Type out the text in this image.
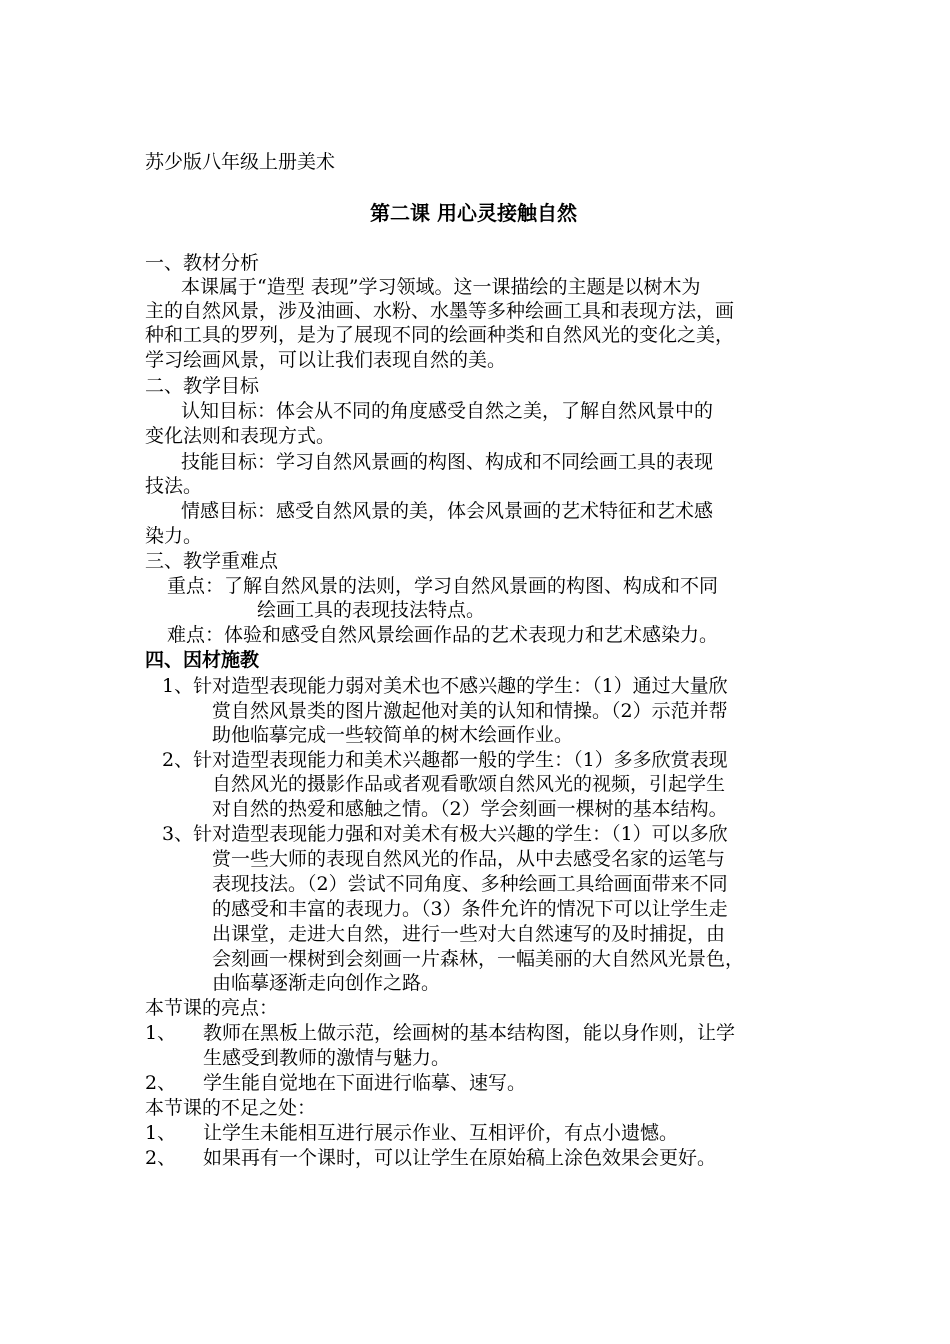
苏少版八年级上册美术
第二课 用心灵接触自然
一、教材分析
本课属于“造型 表现”学习领域。这一课描绘的主题是以树木为
主的自然风景，涉及油画、水粉、水墨等多种绘画工具和表现方法，画
种和工具的罗列，是为了展现不同的绘画种类和自然风光的变化之美，
学习绘画风景，可以让我们表现自然的美。
二、教学目标
认知目标：体会从不同的角度感受自然之美，了解自然风景中的
变化法则和表现方式。
技能目标：学习自然风景画的构图、构成和不同绘画工具的表现
技法。
情感目标：感受自然风景的美，体会风景画的艺术特征和艺术感
染力。
三、教学重难点
重点：了解自然风景的法则，学习自然风景画的构图、构成和不同
绘画工具的表现技法特点。
难点：体验和感受自然风景绘画作品的艺术表现力和艺术感染力。
四、因材施教
1、针对造型表现能力弱对美术也不感兴趣的学生：（1）通过大量欣
赏自然风景类的图片激起他对美的认知和情操。（2）示范并帮
助他临摹完成一些较简单的树木绘画作业。
2、针对造型表现能力和美术兴趣都一般的学生：（1）多多欣赏表现
自然风光的摄影作品或者观看歌颂自然风光的视频，引起学生
对自然的热爱和感触之情。（2）学会刻画一棵树的基本结构。
3、针对造型表现能力强和对美术有极大兴趣的学生：（1）可以多欣
赏一些大师的表现自然风光的作品，从中去感受名家的运笔与
表现技法。（2）尝试不同角度、多种绘画工具给画面带来不同
的感受和丰富的表现力。（3）条件允许的情况下可以让学生走
出课堂，走进大自然，进行一些对大自然速写的及时捕捉，由
会刻画一棵树到会刻画一片森林，一幅美丽的大自然风光景色，
由临摹逐渐走向创作之路。
本节课的亮点：
1、 教师在黑板上做示范，绘画树的基本结构图，能以身作则，让学
生感受到教师的激情与魅力。
2、 学生能自觉地在下面进行临摹、速写。
本节课的不足之处：
1、 让学生未能相互进行展示作业、互相评价，有点小遗憾。
2、 如果再有一个课时，可以让学生在原始稿上涂色效果会更好。
